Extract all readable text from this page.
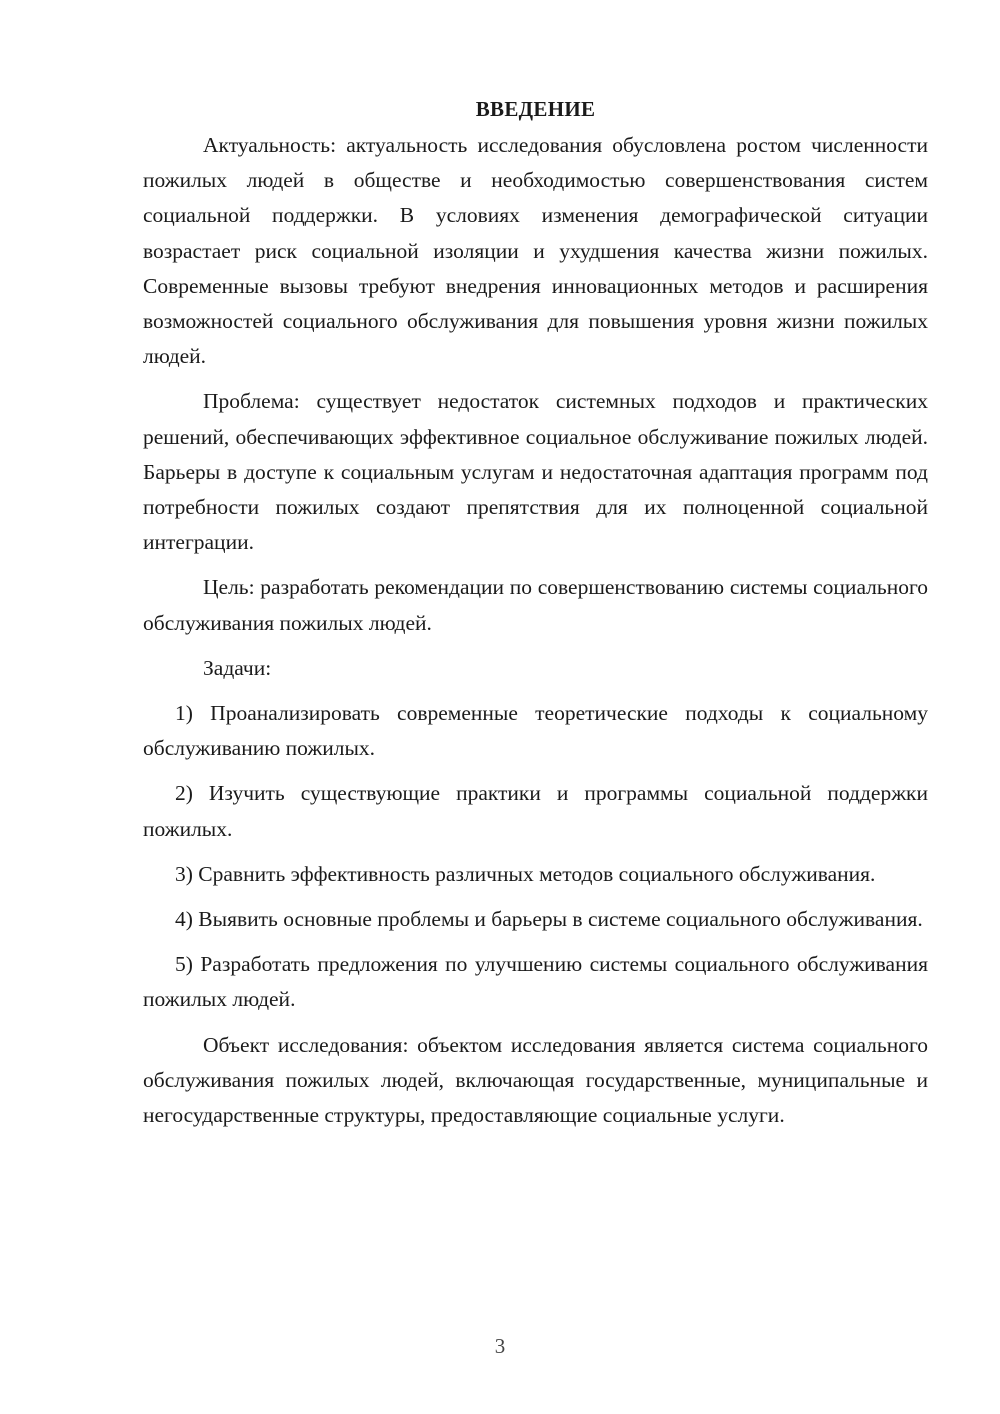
ВВЕДЕНИЕ

Актуальность: актуальность исследования обусловлена ростом численности пожилых людей в обществе и необходимостью совершенствования систем социальной поддержки. В условиях изменения демографической ситуации возрастает риск социальной изоляции и ухудшения качества жизни пожилых. Современные вызовы требуют внедрения инновационных методов и расширения возможностей социального обслуживания для повышения уровня жизни пожилых людей.

Проблема: существует недостаток системных подходов и практических решений, обеспечивающих эффективное социальное обслуживание пожилых людей. Барьеры в доступе к социальным услугам и недостаточная адаптация программ под потребности пожилых создают препятствия для их полноценной социальной интеграции.

Цель: разработать рекомендации по совершенствованию системы социального обслуживания пожилых людей.

Задачи:

1) Проанализировать современные теоретические подходы к социальному обслуживанию пожилых.

2) Изучить существующие практики и программы социальной поддержки пожилых.

3) Сравнить эффективность различных методов социального обслуживания.

4) Выявить основные проблемы и барьеры в системе социального обслуживания.

5) Разработать предложения по улучшению системы социального обслуживания пожилых людей.

Объект исследования: объектом исследования является система социального обслуживания пожилых людей, включающая государственные, муниципальные и негосударственные структуры, предоставляющие социальные услуги.

3
